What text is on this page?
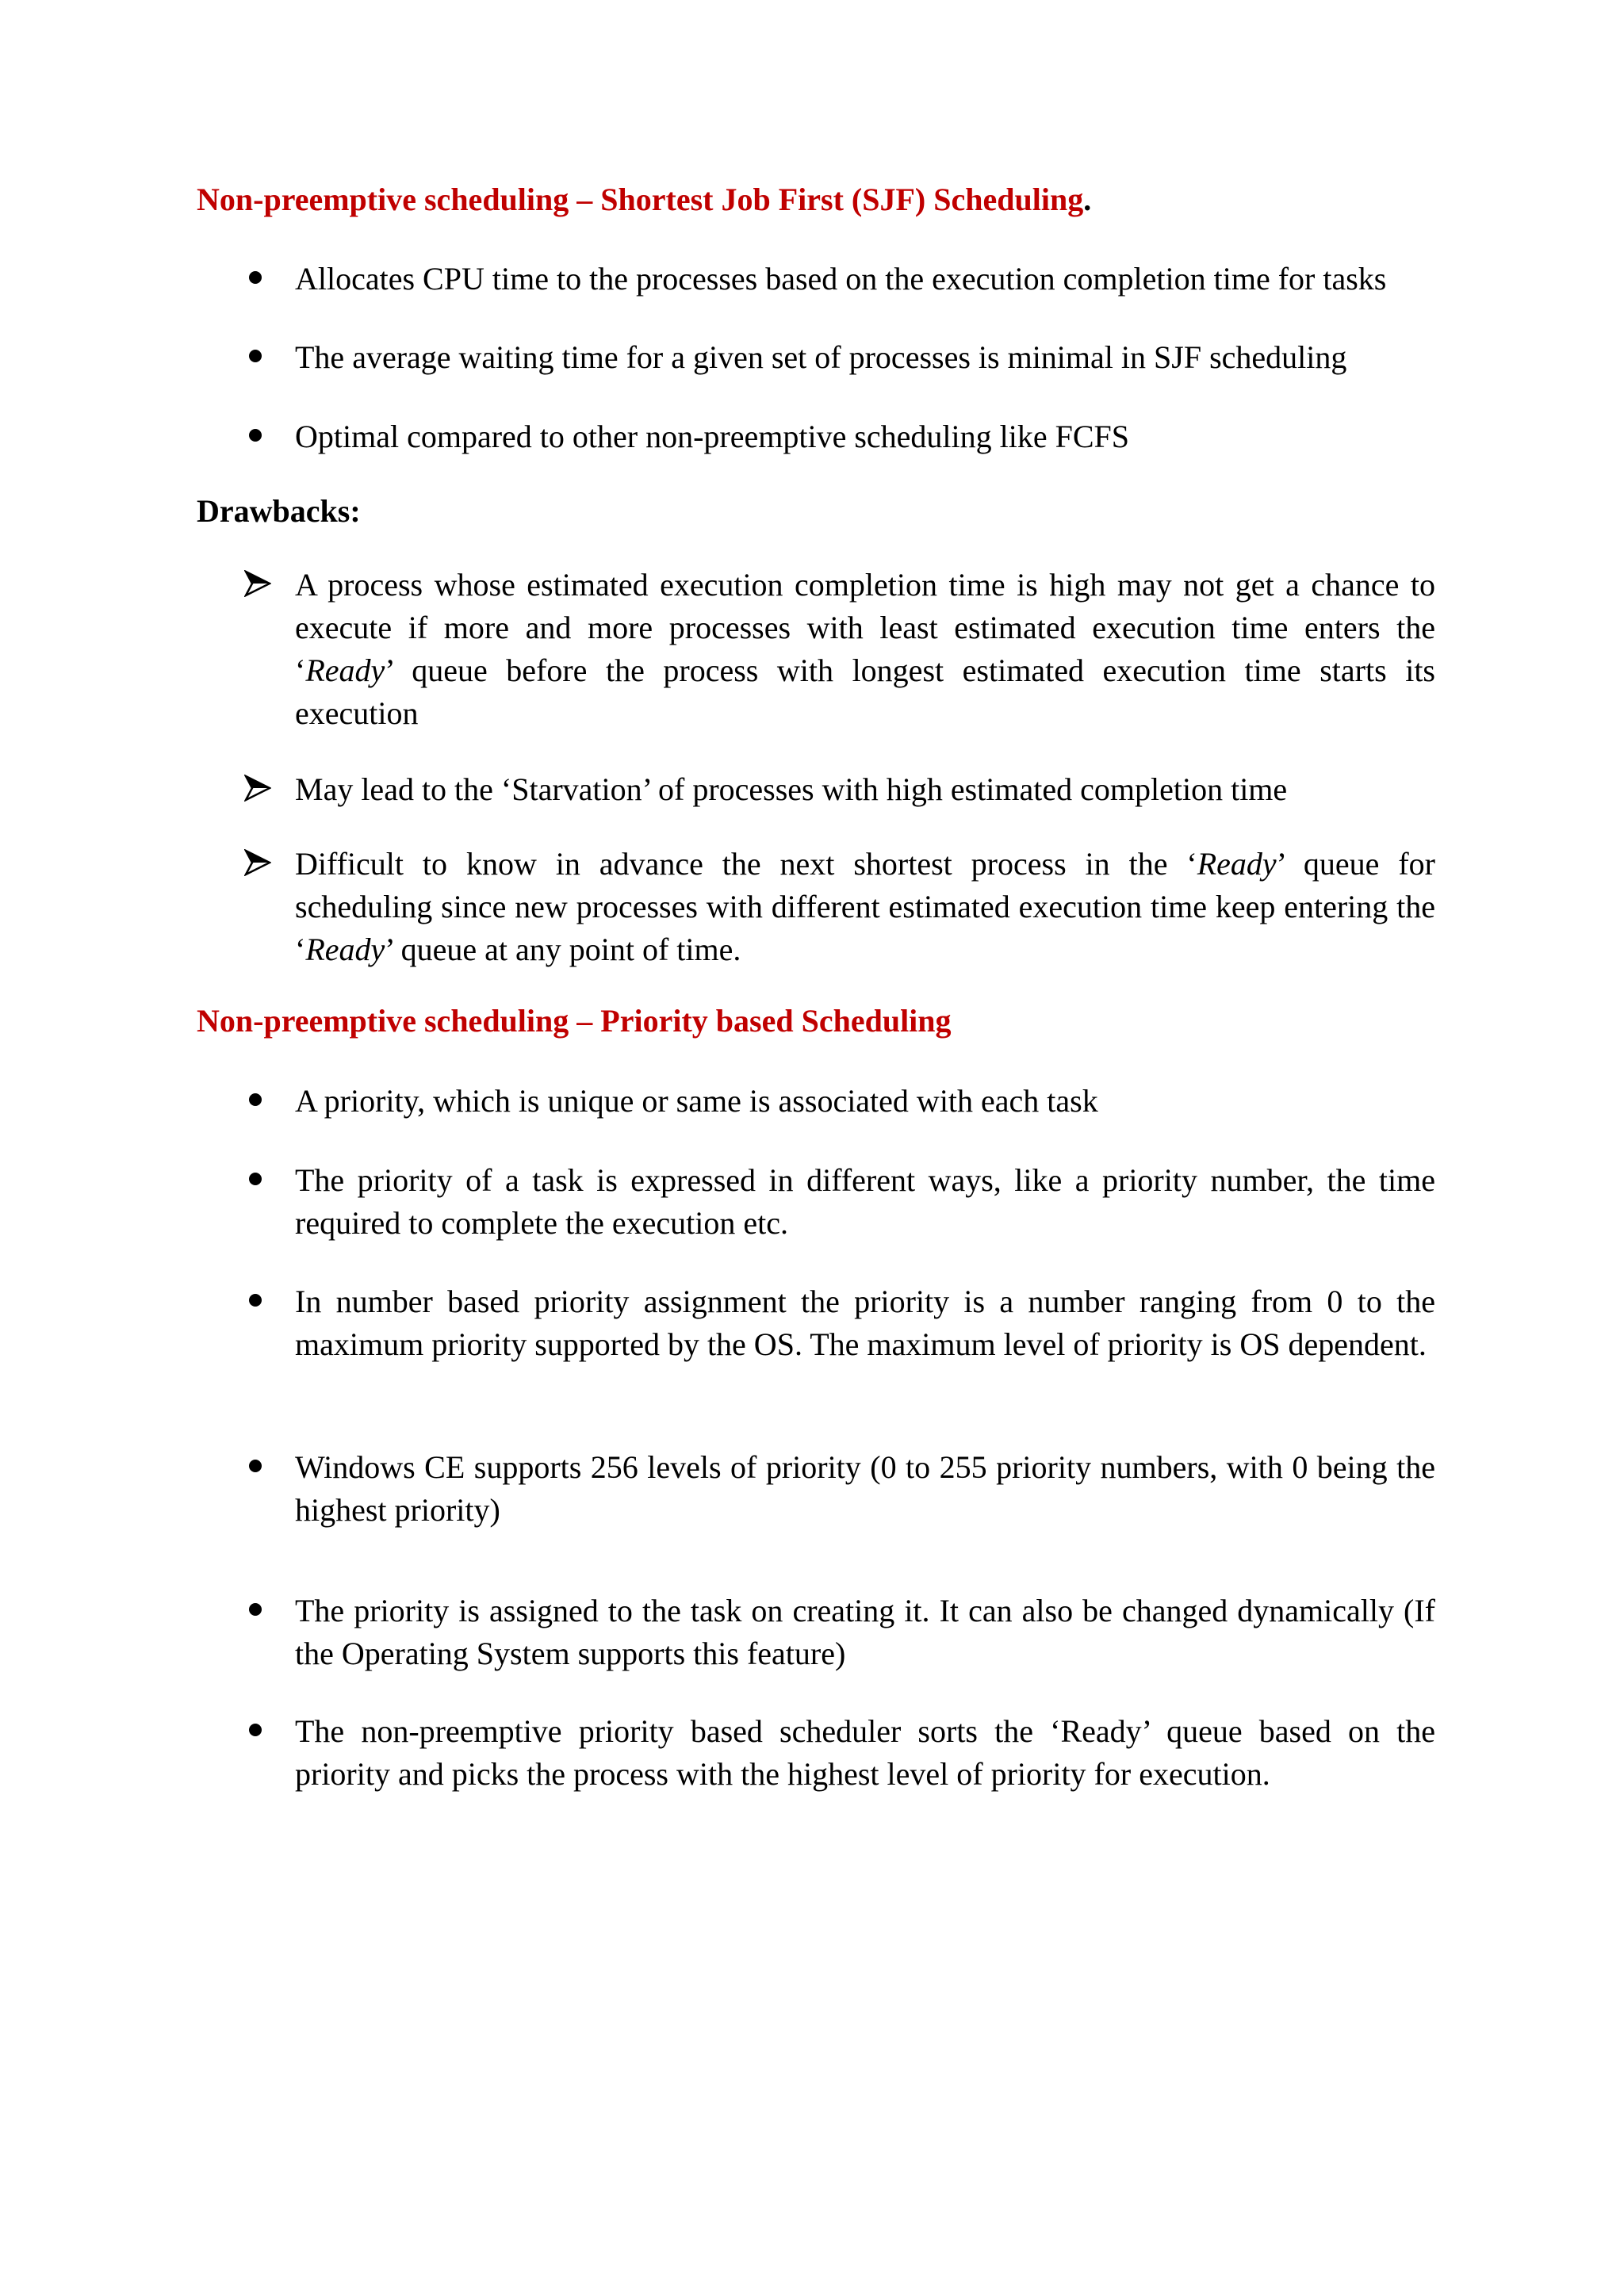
Non-preemptive scheduling – Shortest Job First (SJF) Scheduling.
Allocates CPU time to the processes based on the execution completion time for tasks
The average waiting time for a given set of processes is minimal in SJF scheduling
Optimal compared to other non-preemptive scheduling like FCFS
Drawbacks:
A process whose estimated execution completion time is high may not get a chance to execute if more and more processes with least estimated execution time enters the ‘Ready’ queue before the process with longest estimated execution time starts its execution
May lead to the ‘Starvation’ of processes with high estimated completion time
Difficult to know in advance the next shortest process in the ‘Ready’ queue for scheduling since new processes with different estimated execution time keep entering the ‘Ready’ queue at any point of time.
Non-preemptive scheduling – Priority based Scheduling
A priority, which is unique or same is associated with each task
The priority of a task is expressed in different ways, like a priority number, the time required to complete the execution etc.
In number based priority assignment the priority is a number ranging from 0 to the maximum priority supported by the OS. The maximum level of priority is OS dependent.
Windows CE supports 256 levels of priority (0 to 255 priority numbers, with 0 being the highest priority)
The priority is assigned to the task on creating it. It can also be changed dynamically (If the Operating System supports this feature)
The non-preemptive priority based scheduler sorts the ‘Ready’ queue based on the priority and picks the process with the highest level of priority for execution.
